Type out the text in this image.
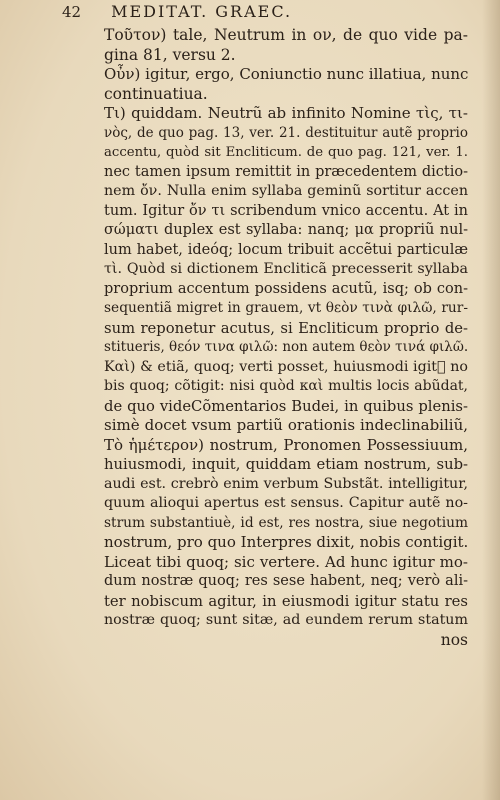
42 MEDITAT. GRAEC.
Τοῦτον) tale, Neutrum in ον, de quo vide pa-
gina 81, versu 2.
Οὖν) igitur, ergo, Coniunctio nunc illatiua, nunc
continuatiua.
Τι) quiddam. Neutrũ ab infinito Nomine τὶς, τι-
νὸς, de quo pag. 13, ver. 21. destituitur autẽ proprio
accentu, quòd sit Encliticum. de quo pag. 121, ver. 1.
nec tamen ipsum remittit in præcedentem dictio-
nem ὄν. Nulla enim syllaba geminũ sortitur accen
tum. Igitur ὄν τι scribendum vnico accentu. At in
σώματι duplex est syllaba: nanq; μα propriũ nul-
lum habet, ideóq; locum tribuit accẽtui particulæ
τὶ. Quòd si dictionem Encliticã precesserit syllaba
proprium accentum possidens acutũ, isq; ob con-
sequentiã migret in grauem, vt θεὸν τινὰ φιλῶ, rur-
sum reponetur acutus, si Encliticum proprio de-
stitueris, θεόν τινα φιλῶ: non autem θεὸν τινά φιλῶ.
Καὶ) & etiã, quoq; verti posset, huiusmodi igit᷑ no
bis quoq; cõtigit: nisi quòd καὶ multis locis abũdat,
de quo videCõmentarios Budei, in quibus plenis-
simè docet vsum partiũ orationis indeclinabiliũ,
Τὸ ἡμέτερον) nostrum, Pronomen Possessiuum,
huiusmodi, inquit, quiddam etiam nostrum, sub-
audi est. crebrò enim verbum Substãt. intelligitur,
quum alioqui apertus est sensus. Capitur autẽ no-
strum substantiuè, id est, res nostra, siue negotium
nostrum, pro quo Interpres dixit, nobis contigit.
Liceat tibi quoq; sic vertere. Ad hunc igitur mo-
dum nostræ quoq; res sese habent, neq; verò ali-
ter nobiscum agitur, in eiusmodi igitur statu res
nostræ quoq; sunt sitæ, ad eundem rerum statum
nos
